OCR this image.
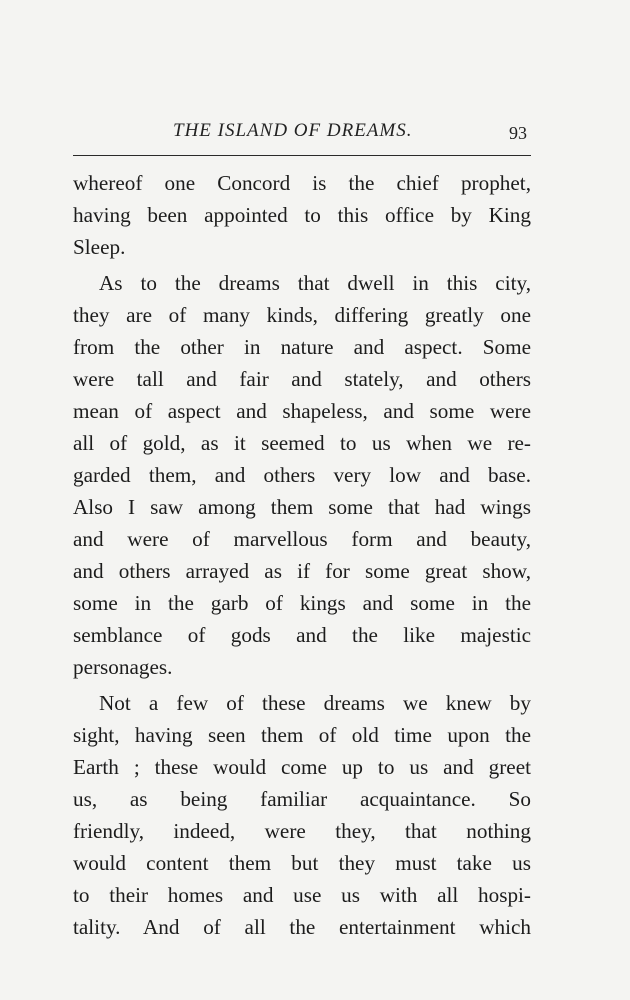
THE ISLAND OF DREAMS.	93
whereof one Concord is the chief prophet,
having been appointed to this office by King
Sleep.
As to the dreams that dwell in this city,
they are of many kinds, differing greatly one
from the other in nature and aspect. Some
were tall and fair and stately, and others
mean of aspect and shapeless, and some were
all of gold, as it seemed to us when we re-
garded them, and others very low and base.
Also I saw among them some that had wings
and were of marvellous form and beauty,
and others arrayed as if for some great show,
some in the garb of kings and some in the
semblance of gods and the like majestic
personages.
Not a few of these dreams we knew by
sight, having seen them of old time upon the
Earth ; these would come up to us and greet
us, as being familiar acquaintance. So
friendly, indeed, were they, that nothing
would content them but they must take us
to their homes and use us with all hospi-
tality. And of all the entertainment which
